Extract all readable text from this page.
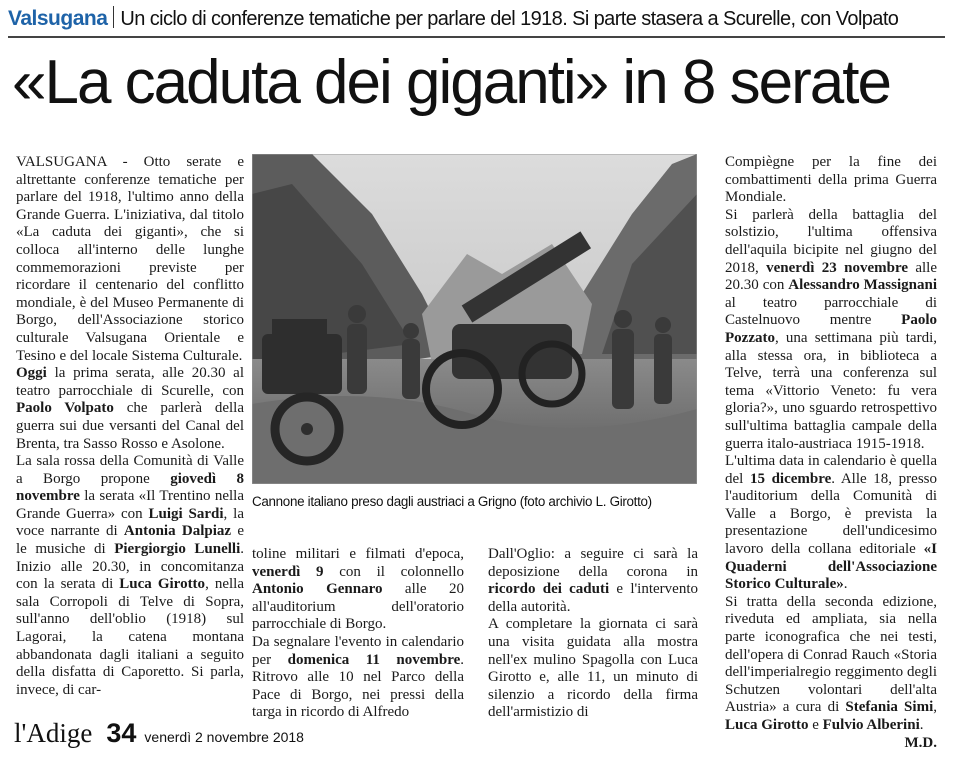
Valsugana Un ciclo di conferenze tematiche per parlare del 1918. Si parte stasera a Scurelle, con Volpato
«La caduta dei giganti» in 8 serate

VALSUGANA - Otto serate e altrettante conferenze tematiche per parlare del 1918, l'ultimo anno della Grande Guerra. L'iniziativa, dal titolo «La caduta dei giganti», che si colloca all'interno delle lunghe commemorazioni previste per ricordare il centenario del conflitto mondiale, è del Museo Permanente di Borgo, dell'Associazione storico culturale Valsugana Orientale e Tesino e del locale Sistema Culturale.

Oggi la prima serata, alle 20.30 al teatro parrocchiale di Scurelle, con Paolo Volpato che parlerà della guerra sui due versanti del Canal del Brenta, tra Sasso Rosso e Asolone.

La sala rossa della Comunità di Valle a Borgo propone giovedì 8 novembre la serata «Il Trentino nella Grande Guerra» con Luigi Sardi, la voce narrante di Antonia Dalpiaz e le musiche di Piergiorgio Lunelli. Inizio alle 20.30, in concomitanza con la serata di Luca Girotto, nella sala Corropoli di Telve di Sopra, sull'anno dell'oblio (1918) sul Lagorai, la catena montana abbandonata dagli italiani a seguito della disfatta di Caporetto. Si parla, invece, di car-

Cannone italiano preso dagli austriaci a Grigno (foto archivio L. Girotto)

toline militari e filmati d'epoca, venerdì 9 con il colonnello Antonio Gennaro alle 20 all'auditorium dell'oratorio parrocchiale di Borgo.

Da segnalare l'evento in calendario per domenica 11 novembre. Ritrovo alle 10 nel Parco della Pace di Borgo, nei pressi della targa in ricordo di Alfredo

Dall'Oglio: a seguire ci sarà la deposizione della corona in ricordo dei caduti e l'intervento della autorità.

A completare la giornata ci sarà una visita guidata alla mostra nell'ex mulino Spagolla con Luca Girotto e, alle 11, un minuto di silenzio a ricordo della firma dell'armistizio di

Compiègne per la fine dei combattimenti della prima Guerra Mondiale.

Si parlerà della battaglia del solstizio, l'ultima offensiva dell'aquila bicipite nel giugno del 2018, venerdì 23 novembre alle 20.30 con Alessandro Massignani al teatro parrocchiale di Castelnuovo mentre Paolo Pozzato, una settimana più tardi, alla stessa ora, in biblioteca a Telve, terrà una conferenza sul tema «Vittorio Veneto: fu vera gloria?», uno sguardo retrospettivo sull'ultima battaglia campale della guerra italo-austriaca 1915-1918.

L'ultima data in calendario è quella del 15 dicembre. Alle 18, presso l'auditorium della Comunità di Valle a Borgo, è prevista la presentazione dell'undicesimo lavoro della collana editoriale «I Quaderni dell'Associazione Storico Culturale».

Si tratta della seconda edizione, riveduta ed ampliata, sia nella parte iconografica che nei testi, dell'opera di Conrad Rauch «Storia dell'imperialregio reggimento degli Schutzen volontari dell'alta Austria» a cura di Stefania Simi, Luca Girotto e Fulvio Alberini.
M.D.

l'Adige 34 venerdì 2 novembre 2018
